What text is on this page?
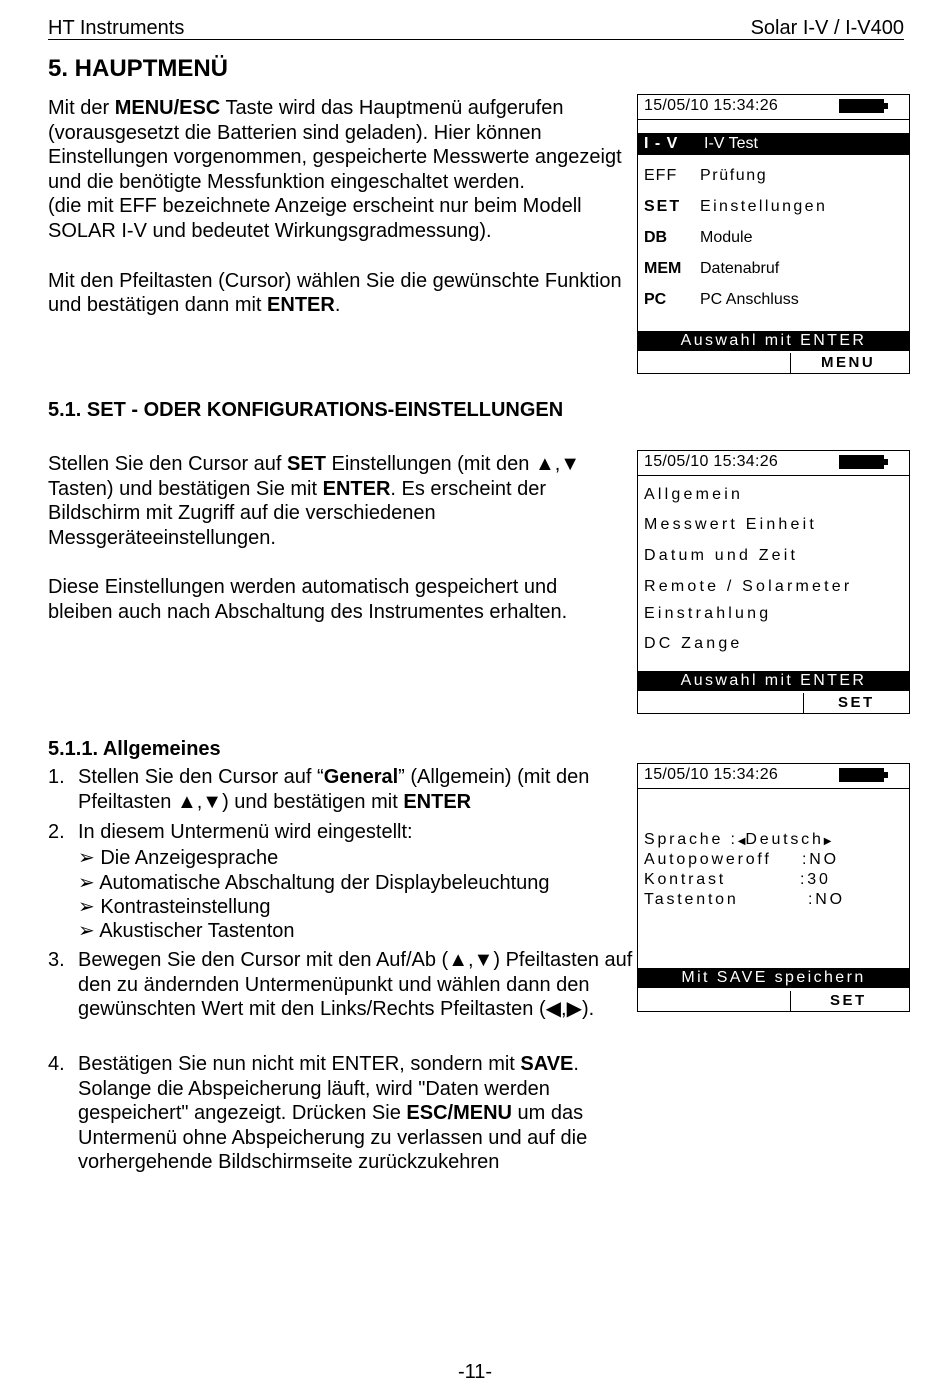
HT Instruments	Solar I-V / I-V400
5. HAUPTMENÜ

Mit der MENU/ESC Taste wird das Hauptmenü aufgerufen (vorausgesetzt die Batterien sind geladen). Hier können Einstellungen vorgenommen, gespeicherte Messwerte angezeigt und die benötigte Messfunktion eingeschaltet werden.

(die mit EFF bezeichnete Anzeige erscheint nur beim Modell SOLAR I-V und bedeutet Wirkungsgradmessung).

Mit den Pfeiltasten (Cursor) wählen Sie die gewünschte Funktion und bestätigen dann mit ENTER.

15/05/10 15:34:26
I - V I-V Test
EFF Prüfung
SET Einstellungen
DB Module
MEM Datenabruf
PC PC Anschluss
Auswahl mit ENTER
MENU
5.1. SET - ODER KONFIGURATIONS-EINSTELLUNGEN

Stellen Sie den Cursor auf SET Einstellungen (mit den ▲,▼ Tasten) und bestätigen Sie mit ENTER. Es erscheint der Bildschirm mit Zugriff auf die verschiedenen Messgeräteeinstellungen.

Diese Einstellungen werden automatisch gespeichert und bleiben auch nach Abschaltung des Instrumentes erhalten.

15/05/10 15:34:26
Allgemein
Messwert Einheit
Datum und Zeit
Remote / Solarmeter
Einstrahlung
DC Zange
Auswahl mit ENTER
SET
5.1.1. Allgemeines
1. Stellen Sie den Cursor auf “General” (Allgemein) (mit den Pfeiltasten ▲,▼) und bestätigen mit ENTER
2. In diesem Untermenü wird eingestellt:
➢ Die Anzeigesprache
➢ Automatische Abschaltung der Displaybeleuchtung
➢ Kontrasteinstellung
➢ Akustischer Tastenton
3. Bewegen Sie den Cursor mit den Auf/Ab (▲,▼) Pfeiltasten auf den zu ändernden Untermenüpunkt und wählen dann den gewünschten Wert mit den Links/Rechts Pfeiltasten (◀,▶).
4. Bestätigen Sie nun nicht mit ENTER, sondern mit SAVE. Solange die Abspeicherung läuft, wird "Daten werden gespeichert" angezeigt. Drücken Sie ESC/MENU um das Untermenü ohne Abspeicherung zu verlassen und auf die vorhergehende Bildschirmseite zurückzukehren
15/05/10 15:34:26
Sprache :◀Deutsch▶
Autopoweroff :NO
Kontrast	:30
Tastenton	:NO
Mit SAVE speichern
SET
-11-
